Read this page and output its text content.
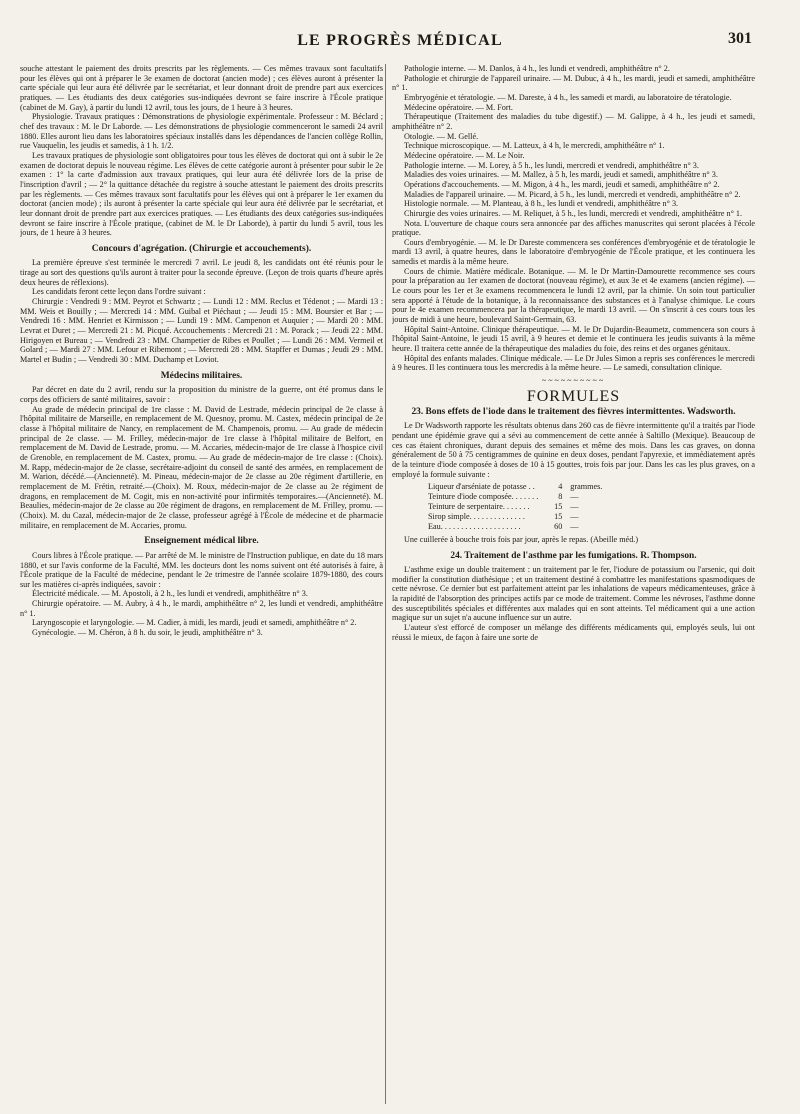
LE PROGRÈS MÉDICAL	301

souche attestant le paiement des droits prescrits par les règlements. — Ces mêmes travaux sont facultatifs pour les élèves qui ont à préparer le 3e examen de doctorat (ancien mode) ; ces élèves auront à présenter la carte spéciale qui leur aura été délivrée par le secrétariat, et leur donnant droit de prendre part aux exercices pratiques. — Les étudiants des deux catégories sus-indiquées devront se faire inscrire à l'École pratique (cabinet de M. Gay), à partir du lundi 12 avril, tous les jours, de 1 heure à 3 heures.

Physiologie. Travaux pratiques : Démonstrations de physiologie expérimentale. Professeur : M. Béclard ; chef des travaux : M. le Dr Laborde. — Les démonstrations de physiologie commenceront le samedi 24 avril 1880. Elles auront lieu dans les laboratoires spéciaux installés dans les dépendances de l'ancien collège Rollin, rue Vauquelin, les jeudis et samedis, à 1 h. 1/2.

Les travaux pratiques de physiologie sont obligatoires pour tous les élèves de doctorat qui ont à subir le 2e examen de doctorat depuis le nouveau régime. Les élèves de cette catégorie auront à présenter pour subir le 2e examen : 1° la carte d'admission aux travaux pratiques, qui leur aura été délivrée lors de la prise de l'inscription d'avril ; — 2° la quittance détachée du registre à souche attestant le paiement des droits prescrits par les règlements. — Ces mêmes travaux sont facultatifs pour les élèves qui ont à préparer le 1er examen du doctorat (ancien mode) ; ils auront à présenter la carte spéciale qui leur aura été délivrée par le secrétariat, et leur donnant droit de prendre part aux exercices pratiques. — Les étudiants des deux catégories sus-indiquées devront se faire inscrire à l'École pratique, (cabinet de M. le Dr Laborde), à partir du lundi 5 avril, tous les jours, de 1 heure à 3 heures.

Concours d'agrégation. (Chirurgie et accouchements).

La première épreuve s'est terminée le mercredi 7 avril. Le jeudi 8, les candidats ont été réunis pour le tirage au sort des questions qu'ils auront à traiter pour la seconde épreuve. (Leçon de trois quarts d'heure après deux heures de réflexions).

Les candidats feront cette leçon dans l'ordre suivant :

Chirurgie : Vendredi 9 : MM. Peyrot et Schwartz ; — Lundi 12 : MM. Reclus et Tédenot ; — Mardi 13 : MM. Weis et Bouilly ; — Mercredi 14 : MM. Guibal et Piéchaut ; — Jeudi 15 : MM. Boursier et Bar ; — Vendredi 16 : MM. Henriet et Kirmisson ; — Lundi 19 : MM. Campenon et Auquier ; — Mardi 20 : MM. Levrat et Duret ; — Mercredi 21 : M. Picqué. Accouchements : Mercredi 21 : M. Porack ; — Jeudi 22 : MM. Hirigoyen et Bureau ; — Vendredi 23 : MM. Champetier de Ribes et Poullet ; — Lundi 26 : MM. Vermeil et Golard ; — Mardi 27 : MM. Lefour et Ribemont ; — Mercredi 28 : MM. Stapffer et Dumas ; Jeudi 29 : MM. Martel et Budin ; — Vendredi 30 : MM. Duchamp et Loviot.

Médecins militaires.

Par décret en date du 2 avril, rendu sur la proposition du ministre de la guerre, ont été promus dans le corps des officiers de santé militaires, savoir :

Au grade de médecin principal de 1re classe : M. David de Lestrade, médecin principal de 2e classe à l'hôpital militaire de Marseille, en remplacement de M. Quesnoy, promu. M. Castex, médecin principal de 2e classe à l'hôpital militaire de Nancy, en remplacement de M. Champenois, promu. — Au grade de médecin principal de 2e classe. — M. Frilley, médecin-major de 1re classe à l'hôpital militaire de Belfort, en remplacement de M. David de Lestrade, promu. — M. Accaries, médecin-major de 1re classe à l'hospice civil de Grenoble, en remplacement de M. Castex, promu. — Au grade de médecin-major de 1re classe : (Choix). M. Rapp, médecin-major de 2e classe, secrétaire-adjoint du conseil de santé des armées, en remplacement de M. Warion, décédé.—(Ancienneté). M. Pineau, médecin-major de 2e classe au 20e régiment d'artillerie, en remplacement de M. Frétin, retraité.—(Choix). M. Roux, médecin-major de 2e classe au 2e régiment de dragons, en remplacement de M. Cogit, mis en non-activité pour infirmités temporaires.—(Ancienneté). M. Beaulies, médecin-major de 2e classe au 20e régiment de dragons, en remplacement de M. Frilley, promu. — (Choix). M. du Cazal, médecin-major de 2e classe, professeur agrégé à l'École de médecine et de pharmacie militaire, en remplacement de M. Accaries, promu.

Enseignement médical libre.

Cours libres à l'École pratique. — Par arrêté de M. le ministre de l'Instruction publique, en date du 18 mars 1880, et sur l'avis conforme de la Faculté, MM. les docteurs dont les noms suivent ont été autorisés à faire, à l'École pratique de la Faculté de médecine, pendant le 2e trimestre de l'année scolaire 1879-1880, des cours sur les matières ci-après indiquées, savoir :

Électricité médicale. — M. Apostoli, à 2 h., les lundi et vendredi, amphithéâtre n° 3.

Chirurgie opératoire. — M. Aubry, à 4 h., le mardi, amphithéâtre n° 2, les lundi et vendredi, amphithéâtre n° 1.

Laryngoscopie et laryngologie. — M. Cadier, à midi, les mardi, jeudi et samedi, amphithéâtre n° 2.

Gynécologie. — M. Chéron, à 8 h. du soir, le jeudi, amphithéâtre n° 3.

Pathologie interne. — M. Danlos, à 4 h., les lundi et vendredi, amphithéâtre n° 2.

Pathologie et chirurgie de l'appareil urinaire. — M. Dubuc, à 4 h., les mardi, jeudi et samedi, amphithéâtre n° 1.

Embryogénie et tératologie. — M. Dareste, à 4 h., les samedi et mardi, au laboratoire de tératologie.

Médecine opératoire. — M. Fort.

Thérapeutique (Traitement des maladies du tube digestif.) — M. Galippe, à 4 h., les jeudi et samedi, amphithéâtre n° 2.

Otologie. — M. Gellé.

Technique microscopique. — M. Latteux, à 4 h, le mercredi, amphithéâtre n° 1.

Médecine opératoire. — M. Le Noir.

Pathologie interne. — M. Lorey, à 5 h., les lundi, mercredi et vendredi, amphithéâtre n° 3.

Maladies des voies urinaires. — M. Mallez, à 5 h, les mardi, jeudi et samedi, amphithéâtre n° 3.

Opérations d'accouchements. — M. Migon, à 4 h., les mardi, jeudi et samedi, amphithéâtre n° 2.

Maladies de l'appareil urinaire. — M. Picard, à 5 h., les lundi, mercredi et vendredi, amphithéâtre n° 2.

Histologie normale. — M. Planteau, à 8 h., les lundi et vendredi, amphithéâtre n° 3.

Chirurgie des voies urinaires. — M. Reliquet, à 5 h., les lundi, mercredi et vendredi, amphithéâtre n° 1.

Nota. L'ouverture de chaque cours sera annoncée par des affiches manuscrites qui seront placées à l'école pratique.

Cours d'embryogénie. — M. le Dr Dareste commencera ses conférences d'embryogénie et de tératologie le mardi 13 avril, à quatre heures, dans le laboratoire d'embryogénie de l'École pratique, et les continuera les samedis et mardis à la même heure.

Cours de chimie. Matière médicale. Botanique. — M. le Dr Martin-Damourette recommence ses cours pour la préparation au 1er examen de doctorat (nouveau régime), et aux 3e et 4e examens (ancien régime). — Le cours pour les 1er et 3e examens recommencera le lundi 12 avril, par la chimie. Un soin tout particulier sera apporté à l'étude de la botanique, à la reconnaissance des substances et à l'analyse chimique. Le cours pour le 4e examen recommencera par la thérapeutique, le mardi 13 avril. — On s'inscrit à ces cours tous les jours de midi à une heure, boulevard Saint-Germain, 63.

Hôpital Saint-Antoine. Clinique thérapeutique. — M. le Dr Dujardin-Beaumetz, commencera son cours à l'hôpital Saint-Antoine, le jeudi 15 avril, à 9 heures et demie et le continuera les jeudis suivants à la même heure. Il traitera cette année de la thérapeutique des maladies du foie, des reins et des organes génitaux.

Hôpital des enfants malades. Clinique médicale. — Le Dr Jules Simon a repris ses conférences le mercredi à 9 heures. Il les continuera tous les mercredis à la même heure. — Le samedi, consultation clinique.

~~~~~~~~~~
FORMULES
23. Bons effets de l'iode dans le traitement des fièvres intermittentes. Wadsworth.

Le Dr Wadsworth rapporte les résultats obtenus dans 260 cas de fièvre intermittente qu'il a traités par l'iode pendant une épidémie grave qui a sévi au commencement de cette année à Saltillo (Mexique). Beaucoup de ces cas étaient chroniques, durant depuis des semaines et même des mois. Dans les cas graves, on donna généralement de 50 à 75 centigrammes de quinine en deux doses, pendant l'apyrexie, et immédiatement après de la teinture d'iode composée à doses de 10 à 15 gouttes, trois fois par jour. Dans les cas les plus graves, on a employé la formule suivante :

Liqueur d'arséniate de potasse . .	4	grammes.
Teinture d'iode composée. . . . . . .	8	—
Teinture de serpentaire. . . . . . .	15	—
Sirop simple. . . . . . . . . . . . . .	15	—
Eau. . . . . . . . . . . . . . . . . . . .	60	—

Une cuillerée à bouche trois fois par jour, après le repas. (Abeille méd.)

24. Traitement de l'asthme par les fumigations. R. Thompson.

L'asthme exige un double traitement : un traitement par le fer, l'iodure de potassium ou l'arsenic, qui doit modifier la constitution diathésique ; et un traitement destiné à combattre les manifestations spasmodiques de cette névrose. Ce dernier but est parfaitement atteint par les inhalations de vapeurs médicamenteuses, grâce à la rapidité de l'absorption des principes actifs par ce mode de traitement. Comme les névroses, l'asthme donne des susceptibilités spéciales et différentes aux malades qui en sont atteints. Tel médicament qui a une action magique sur un sujet n'a aucune influence sur un autre.

L'auteur s'est efforcé de composer un mélange des différents médicaments qui, employés seuls, lui ont réussi le mieux, de façon à faire une sorte de
